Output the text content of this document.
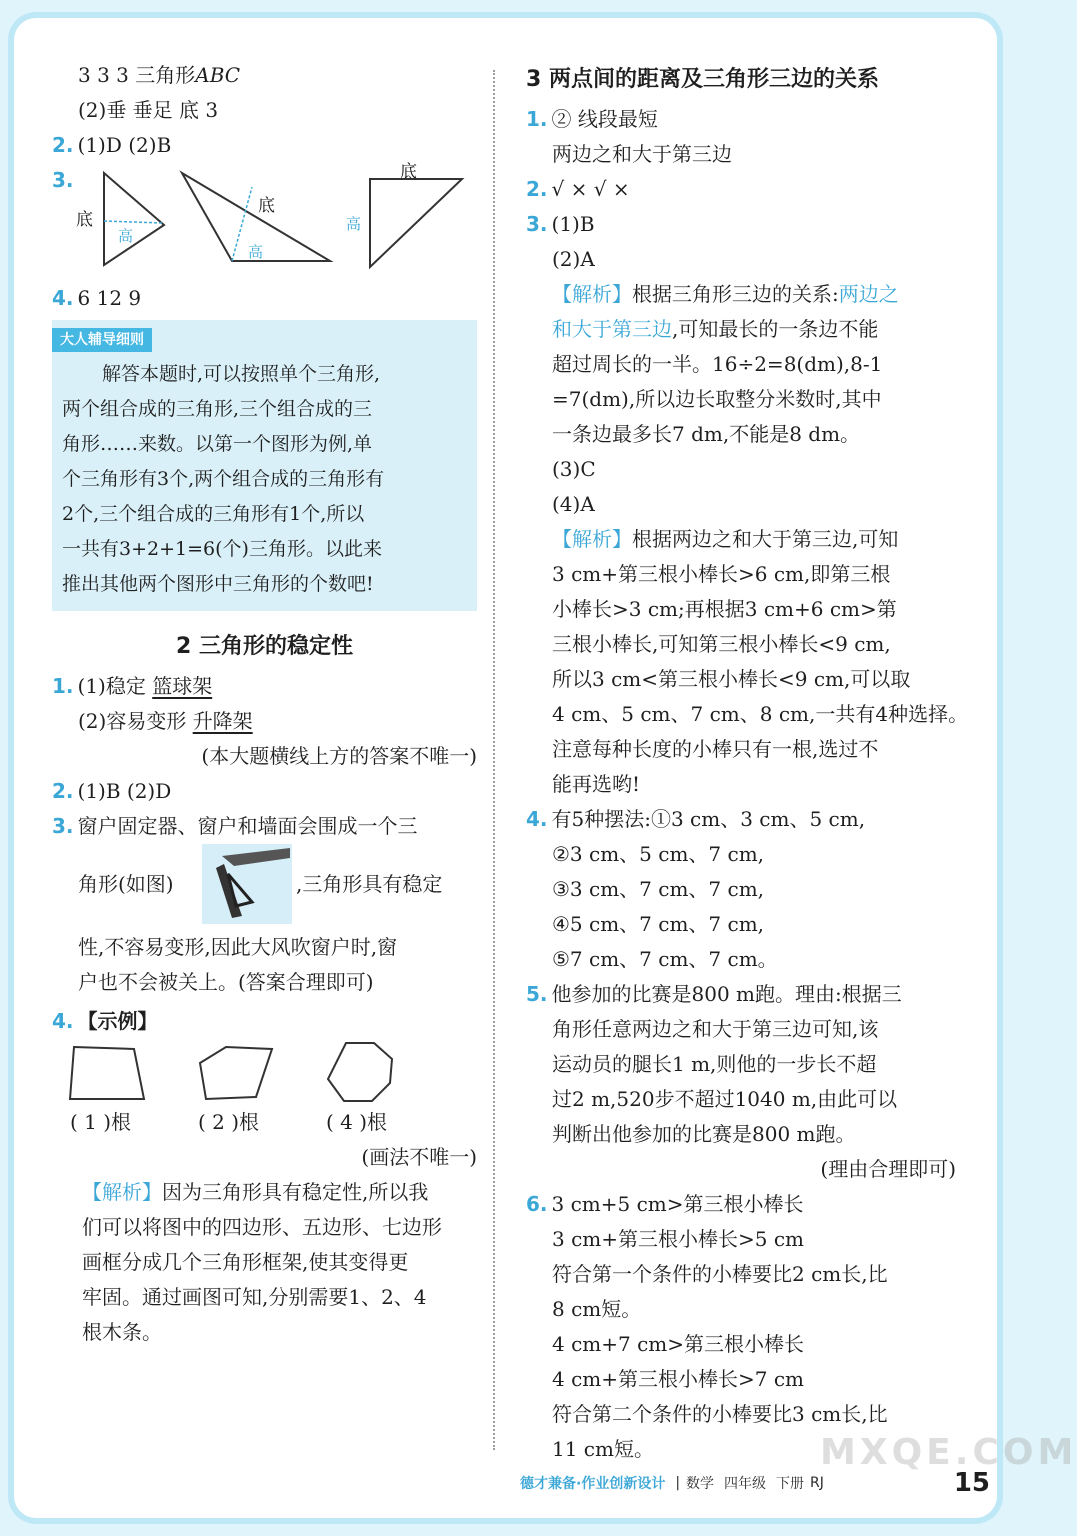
3 3 3 三角形ABC
(2)垂 垂足 底 3
2. (1)D (2)B
3.
底
高
底
高
底
高
4. 6 12 9
大人辅导细则
解答本题时,可以按照单个三角形,
两个组合成的三角形,三个组合成的三
角形……来数。以第一个图形为例,单
个三角形有3个,两个组合成的三角形有
2个,三个组合成的三角形有1个,所以
一共有3+2+1=6(个)三角形。以此来
推出其他两个图形中三角形的个数吧!
2 三角形的稳定性
1. (1)稳定 篮球架
(2)容易变形 升降架
(本大题横线上方的答案不唯一)
2. (1)B (2)D
3. 窗户固定器、窗户和墙面会围成一个三
角形(如图)	,三角形具有稳定
性,不容易变形,因此大风吹窗户时,窗
户也不会被关上。(答案合理即可)
4. 【示例】
( 1 )根	( 2 )根	( 4 )根
(画法不唯一)
【解析】因为三角形具有稳定性,所以我
们可以将图中的四边形、五边形、七边形
画框分成几个三角形框架,使其变得更
牢固。通过画图可知,分别需要1、2、4
根木条。
3 两点间的距离及三角形三边的关系
1. ② 线段最短
两边之和大于第三边
2. √ × √ ×
3. (1)B
(2)A
【解析】根据三角形三边的关系:两边之
和大于第三边,可知最长的一条边不能
超过周长的一半。16÷2=8(dm),8-1
=7(dm),所以边长取整分米数时,其中
一条边最多长7 dm,不能是8 dm。
(3)C
(4)A
【解析】根据两边之和大于第三边,可知
3 cm+第三根小棒长>6 cm,即第三根
小棒长>3 cm;再根据3 cm+6 cm>第
三根小棒长,可知第三根小棒长<9 cm,
所以3 cm<第三根小棒长<9 cm,可以取
4 cm、5 cm、7 cm、8 cm,一共有4种选择。
注意每种长度的小棒只有一根,选过不
能再选哟!
4. 有5种摆法:①3 cm、3 cm、5 cm,
②3 cm、5 cm、7 cm,
③3 cm、7 cm、7 cm,
④5 cm、7 cm、7 cm,
⑤7 cm、7 cm、7 cm。
5. 他参加的比赛是800 m跑。理由:根据三
角形任意两边之和大于第三边可知,该
运动员的腿长1 m,则他的一步长不超
过2 m,520步不超过1040 m,由此可以
判断出他参加的比赛是800 m跑。
(理由合理即可)
6. 3 cm+5 cm>第三根小棒长
3 cm+第三根小棒长>5 cm
符合第一个条件的小棒要比2 cm长,比
8 cm短。
4 cm+7 cm>第三根小棒长
4 cm+第三根小棒长>7 cm
符合第二个条件的小棒要比3 cm长,比
11 cm短。	MXQE.COM
德才兼备·作业创新设计 | 数学 四年级 下册 RJ	15
